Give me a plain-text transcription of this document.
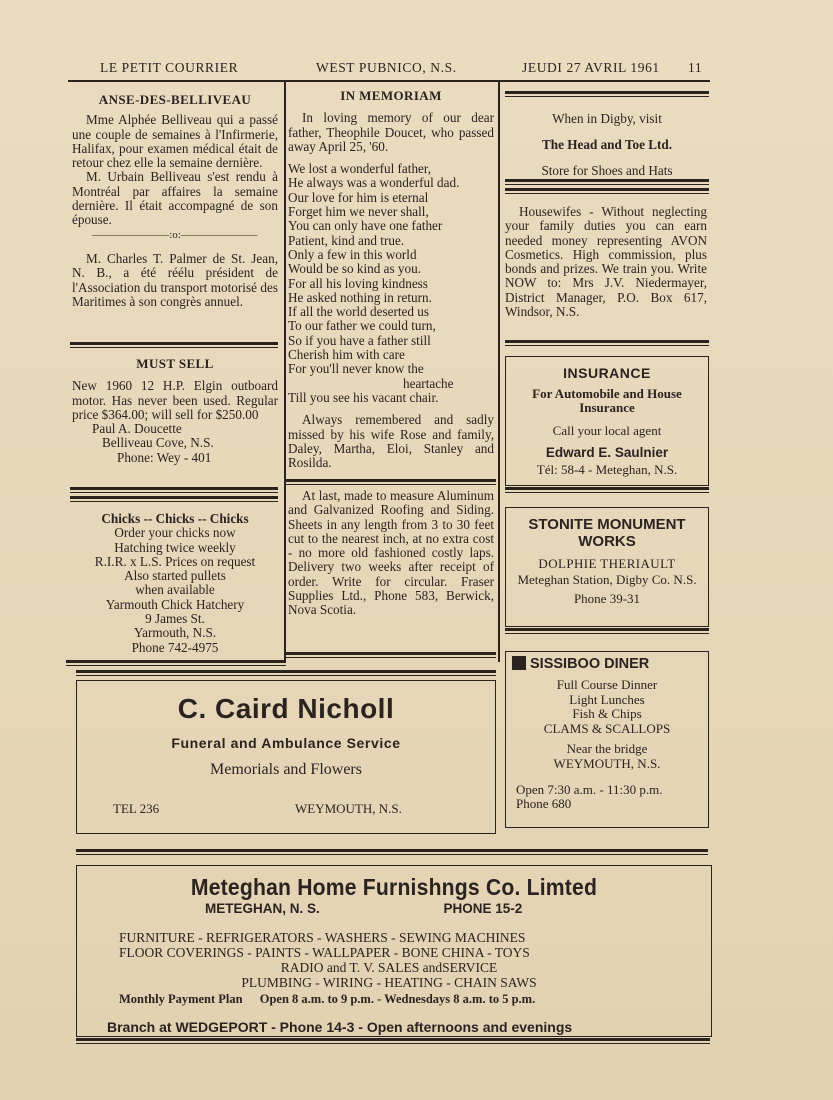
LE PETIT COURRIER	WEST PUBNICO, N.S.	JEUDI 27 AVRIL 1961 11
ANSE-DES-BELLIVEAU

Mme Alphée Belliveau qui a passé une couple de semaines à l'Infirmerie, Halifax, pour examen médical était de retour chez elle la semaine dernière.

M. Urbain Belliveau s'est rendu à Montréal par affaires la semaine dernière. Il était accompagné de son épouse.

———————:o:———————

M. Charles T. Palmer de St. Jean, N. B., a été réélu président de l'Association du transport motorisé des Maritimes à son congrès annuel.

MUST SELL

New 1960 12 H.P. Elgin outboard motor. Has never been used. Regular price $364.00; will sell for $250.00

Paul A. Doucette

Belliveau Cove, N.S.

Phone: Wey - 401

Chicks -- Chicks -- Chicks

Order your chicks now

Hatching twice weekly

R.I.R. x L.S. Prices on request

Also started pullets

when available

Yarmouth Chick Hatchery

9 James St.

Yarmouth, N.S.

Phone 742-4975

IN MEMORIAM

In loving memory of our dear father, Theophile Doucet, who passed away April 25, '60.

We lost a wonderful father,
He always was a wonderful dad.
Our love for him is eternal
Forget him we never shall,
You can only have one father
Patient, kind and true.
Only a few in this world
Would be so kind as you.
For all his loving kindness
He asked nothing in return.
If all the world deserted us
To our father we could turn,
So if you have a father still
Cherish him with care
For you'll never know the
heartache
Till you see his vacant chair.

Always remembered and sadly missed by his wife Rose and family, Daley, Martha, Eloi, Stanley and Rosilda.

At last, made to measure Aluminum and Galvanized Roofing and Siding. Sheets in any length from 3 to 30 feet cut to the nearest inch, at no extra cost - no more old fashioned costly laps. Delivery two weeks after receipt of order. Write for circular. Fraser Supplies Ltd., Phone 583, Berwick, Nova Scotia.

When in Digby, visit

The Head and Toe Ltd.

Store for Shoes and Hats

Housewifes - Without neglecting your family duties you can earn needed money representing AVON Cosmetics. High commission, plus bonds and prizes. We train you. Write NOW to: Mrs J.V. Niedermayer, District Manager, P.O. Box 617, Windsor, N.S.
INSURANCE
For Automobile and House Insurance
Call your local agent
Edward E. Saulnier
Tél: 58-4 - Meteghan, N.S.
STONITE MONUMENT WORKS
DOLPHIE THERIAULT
Meteghan Station, Digby Co. N.S.
Phone 39-31
SISSIBOO DINER
Full Course Dinner
Light Lunches
Fish & Chips
CLAMS & SCALLOPS
Near the bridge
WEYMOUTH, N.S.
Open 7:30 a.m. - 11:30 p.m.
Phone 680
C. Caird Nicholl
Funeral and Ambulance Service
Memorials and Flowers
TEL 236	WEYMOUTH, N.S.
Meteghan Home Furnishngs Co. Limted
METEGHAN, N. S.	PHONE 15-2
FURNITURE - REFRIGERATORS - WASHERS - SEWING MACHINES
FLOOR COVERINGS - PAINTS - WALLPAPER - BONE CHINA - TOYS
RADIO and T. V. SALES andSERVICE
PLUMBING - WIRING - HEATING - CHAIN SAWS
Monthly Payment Plan Open 8 a.m. to 9 p.m. - Wednesdays 8 a.m. to 5 p.m.
Branch at WEDGEPORT - Phone 14-3 - Open afternoons and evenings
